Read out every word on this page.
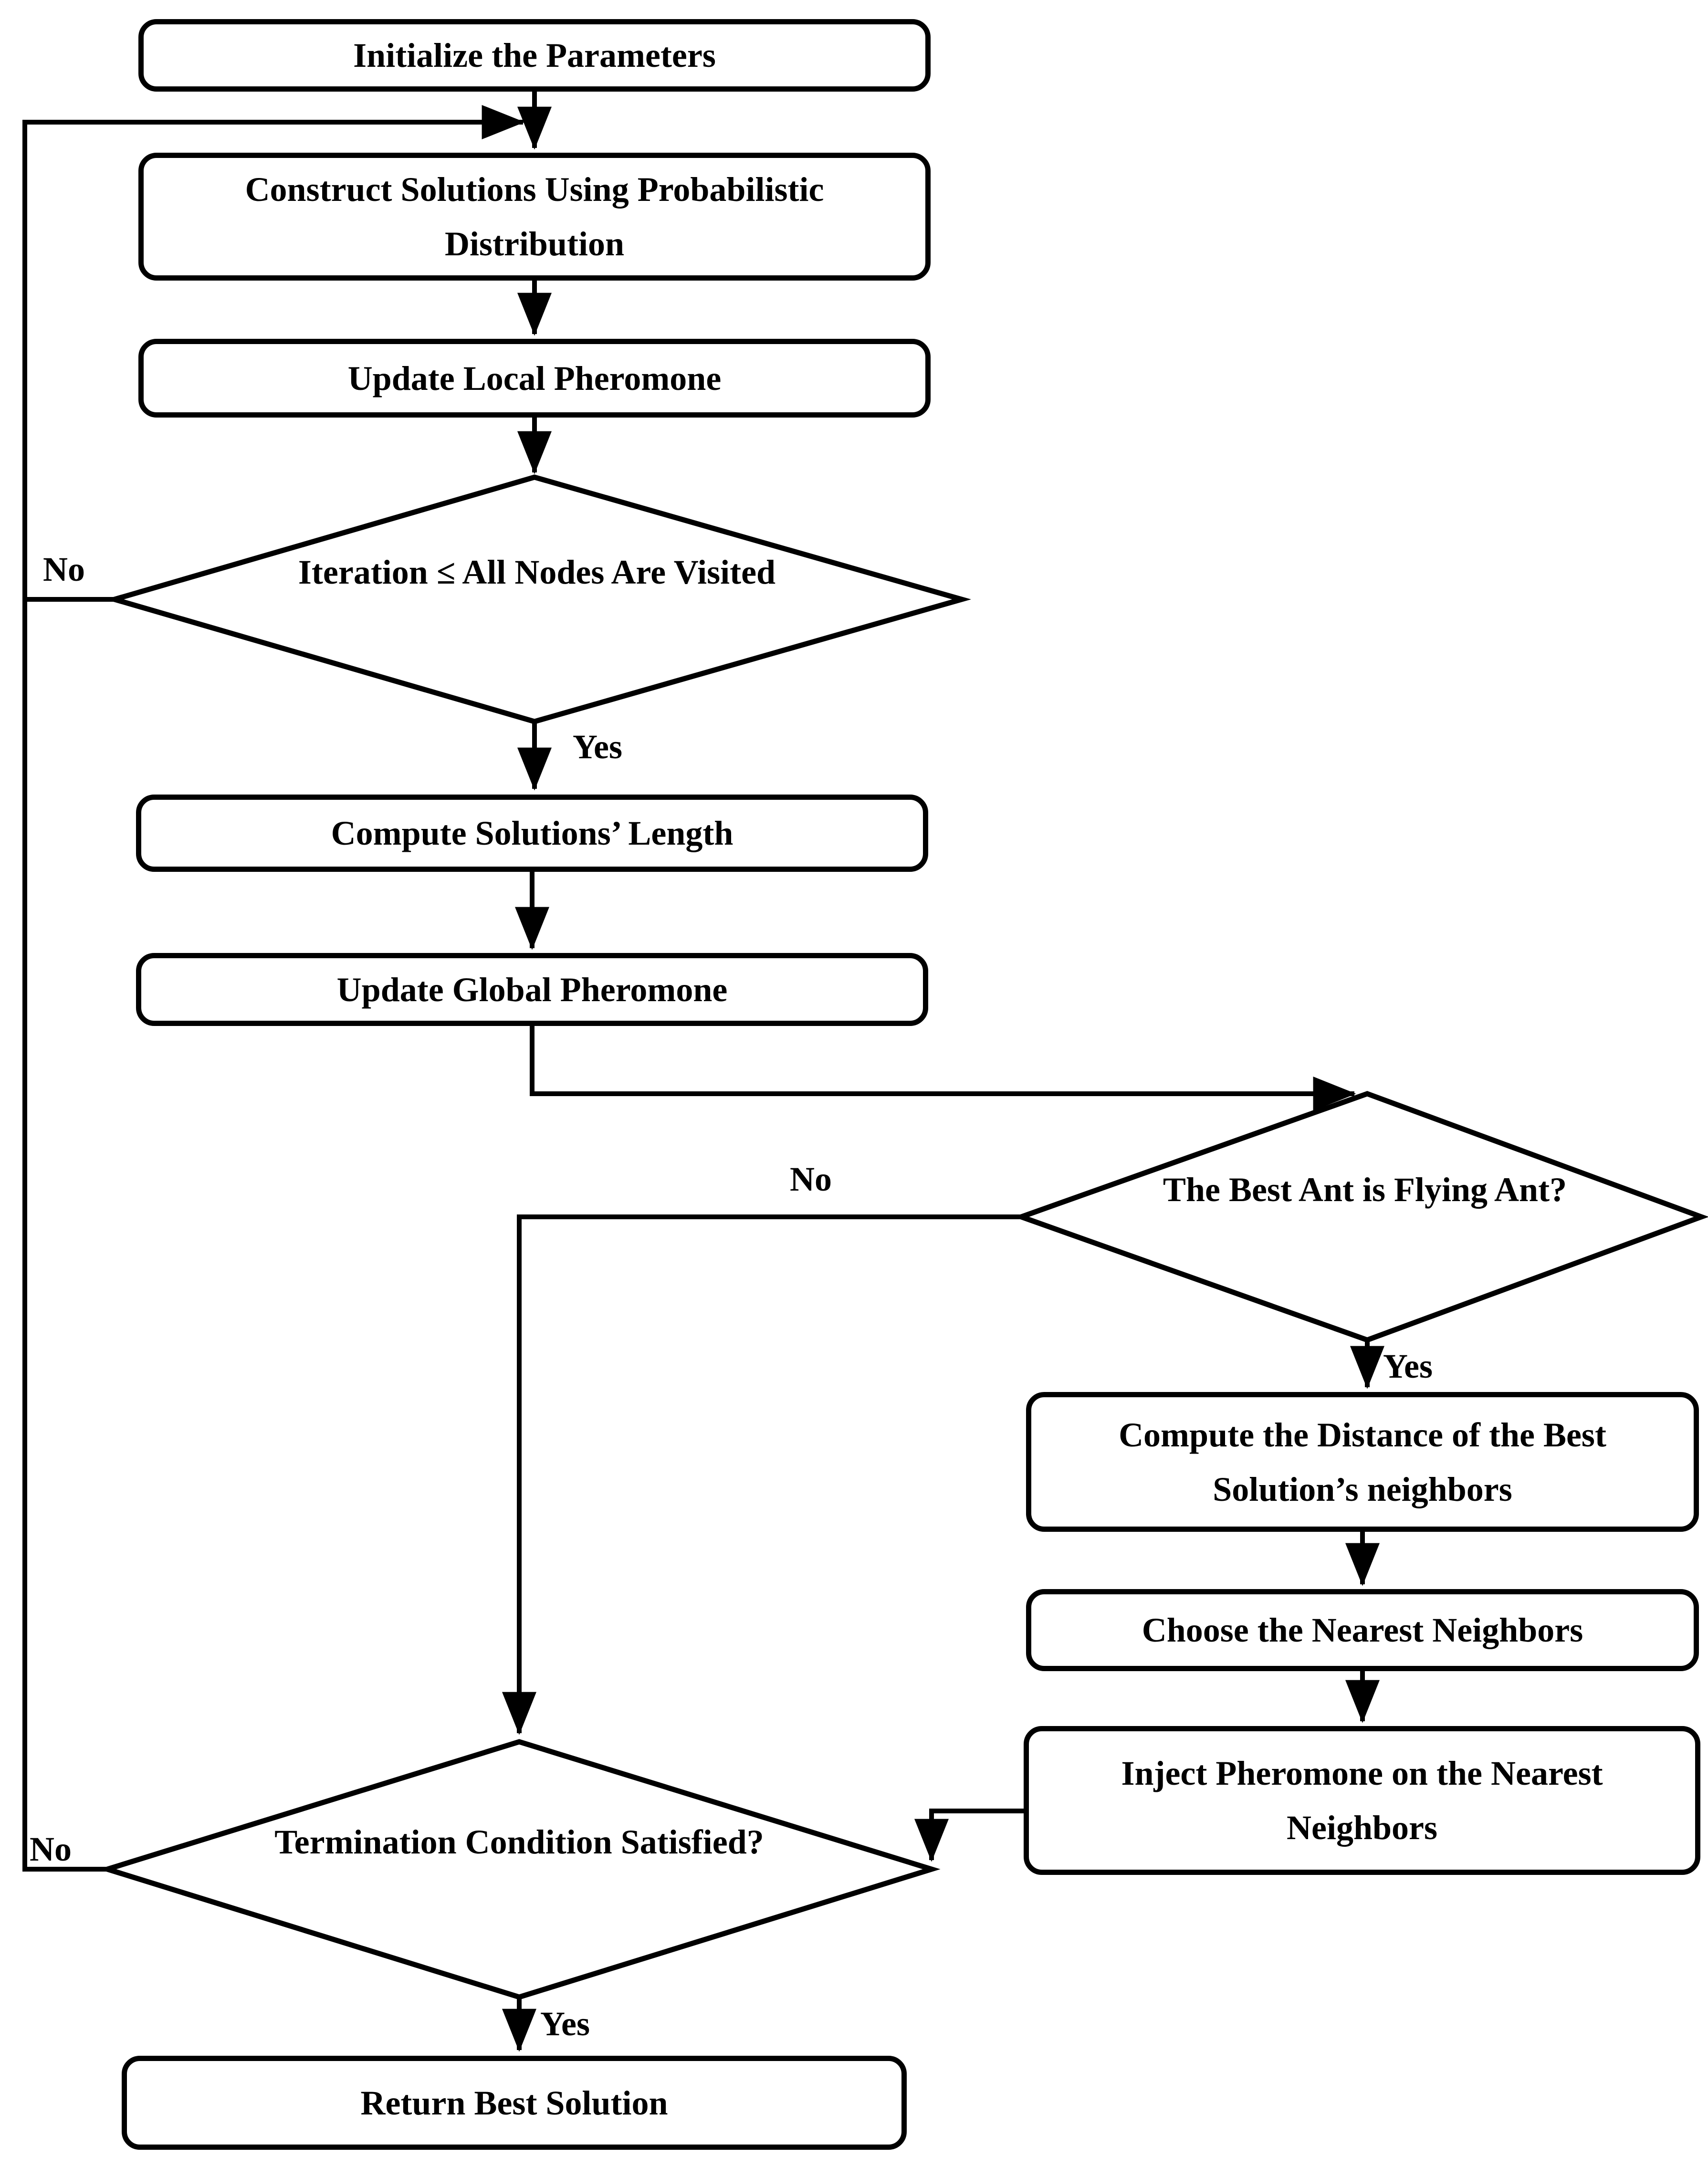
Initialize the Parameters
Construct Solutions Using Probabilistic
Distribution
Update Local Pheromone
Compute Solutions’ Length
Update Global Pheromone
Compute the Distance of the Best
Solution’s neighbors
Choose the Nearest Neighbors
Inject Pheromone on the Nearest
Neighbors
Return Best Solution
Iteration ≤ All Nodes Are Visited
The Best Ant is Flying Ant?
Termination Condition Satisfied?
No
Yes
No
Yes
No
Yes
